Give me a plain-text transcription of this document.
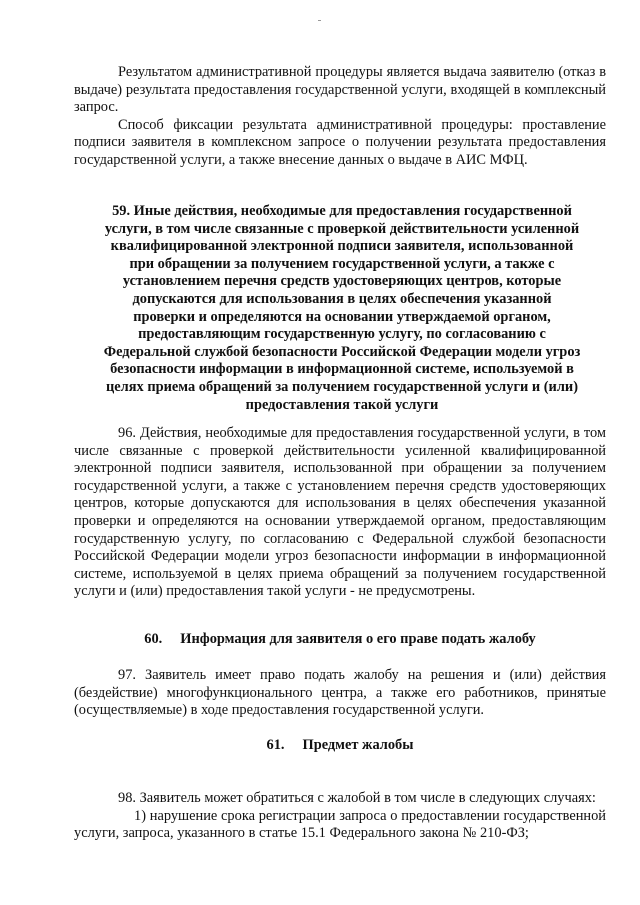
Результатом административной процедуры является выдача заявителю (отказ в выдаче) результата предоставления государственной услуги, входящей в комплексный запрос.

Способ фиксации результата административной процедуры: проставление подписи заявителя в комплексном запросе о получении результата предоставления государственной услуги, а также внесение данных о выдаче в АИС МФЦ.

59. Иные действия, необходимые для предоставления государственной услуги, в том числе связанные с проверкой действительности усиленной квалифицированной электронной подписи заявителя, использованной при обращении за получением государственной услуги, а также с установлением перечня средств удостоверяющих центров, которые допускаются для использования в целях обеспечения указанной проверки и определяются на основании утверждаемой органом, предоставляющим государственную услугу, по согласованию с Федеральной службой безопасности Российской Федерации модели угроз безопасности информации в информационной системе, используемой в целях приема обращений за получением государственной услуги и (или) предоставления такой услуги

96. Действия, необходимые для предоставления государственной услуги, в том числе связанные с проверкой действительности усиленной квалифицированной электронной подписи заявителя, использованной при обращении за получением государственной услуги, а также с установлением перечня средств удостоверяющих центров, которые допускаются для использования в целях обеспечения указанной проверки и определяются на основании утверждаемой органом, предоставляющим государственную услугу, по согласованию с Федеральной службой безопасности Российской Федерации модели угроз безопасности информации в информационной системе, используемой в целях приема обращений за получением государственной услуги и (или) предоставления такой услуги - не предусмотрены.

60. Информация для заявителя о его праве подать жалобу

97. Заявитель имеет право подать жалобу на решения и (или) действия (бездействие) многофункционального центра, а также его работников, принятые (осуществляемые) в ходе предоставления государственной услуги.

61. Предмет жалобы

98. Заявитель может обратиться с жалобой в том числе в следующих случаях:

1) нарушение срока регистрации запроса о предоставлении государственной услуги, запроса, указанного в статье 15.1 Федерального закона № 210-ФЗ;
